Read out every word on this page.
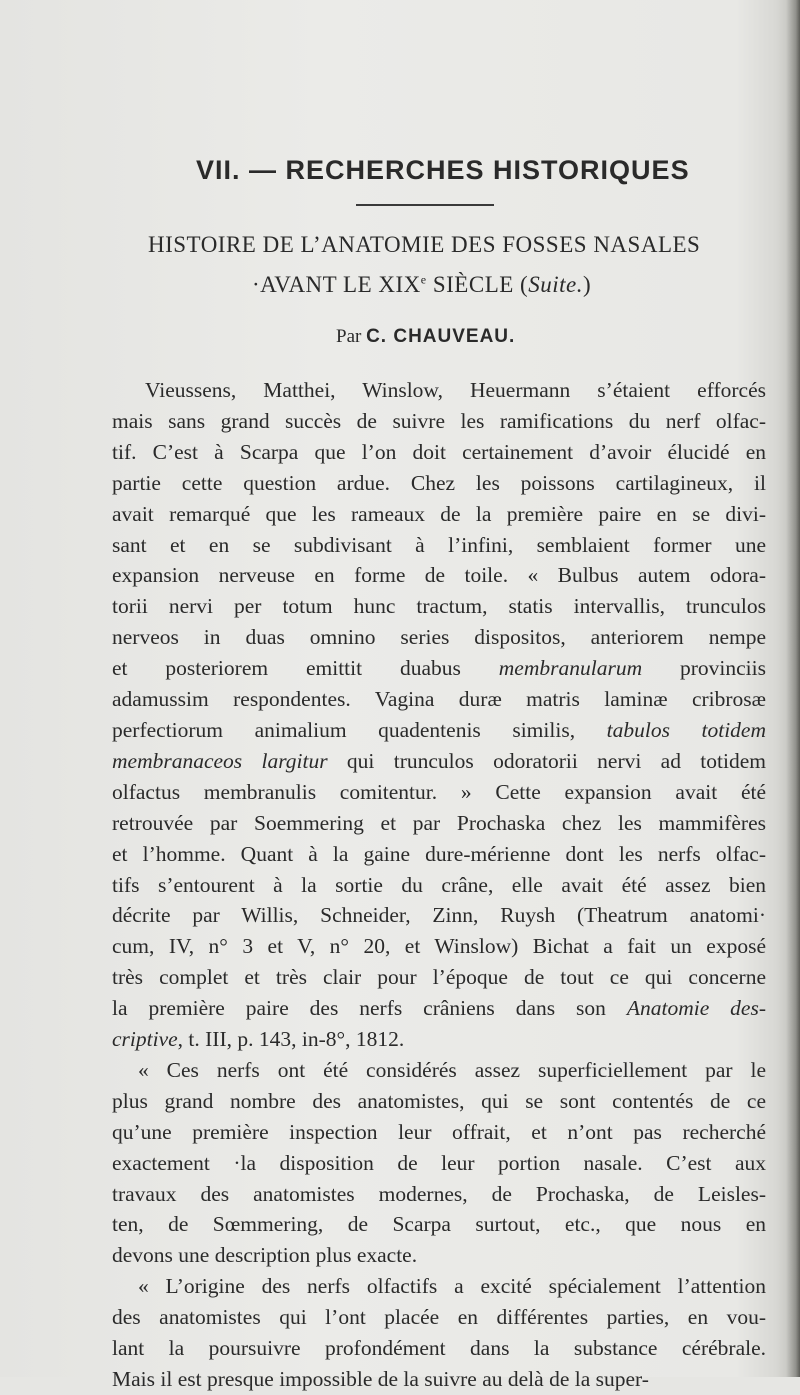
VII. — RECHERCHES HISTORIQUES
HISTOIRE DE L’ANATOMIE DES FOSSES NASALES
·AVANT LE XIXe SIÈCLE (Suite.)
Par C. CHAUVEAU.

Vieussens, Matthei, Winslow, Heuermann s’étaient efforcés

mais sans grand succès de suivre les ramifications du nerf olfac-

tif. C’est à Scarpa que l’on doit certainement d’avoir élucidé en

partie cette question ardue. Chez les poissons cartilagineux, il

avait remarqué que les rameaux de la première paire en se divi-

sant et en se subdivisant à l’infini, semblaient former une

expansion nerveuse en forme de toile. « Bulbus autem odora-

torii nervi per totum hunc tractum, statis intervallis, trunculos

nerveos in duas omnino series dispositos, anteriorem nempe

et posteriorem emittit duabus membranularum provinciis

adamussim respondentes. Vagina duræ matris laminæ cribrosæ

perfectiorum animalium quadentenis similis, tabulos totidem

membranaceos largitur qui trunculos odoratorii nervi ad totidem

olfactus membranulis comitentur. » Cette expansion avait été

retrouvée par Soemmering et par Prochaska chez les mammifères

et l’homme. Quant à la gaine dure-mérienne dont les nerfs olfac-

tifs s’entourent à la sortie du crâne, elle avait été assez bien

décrite par Willis, Schneider, Zinn, Ruysh (Theatrum anatomi·

cum, IV, n° 3 et V, n° 20, et Winslow) Bichat a fait un exposé

très complet et très clair pour l’époque de tout ce qui concerne

la première paire des nerfs crâniens dans son Anatomie des-

criptive, t. III, p. 143, in-8°, 1812.

« Ces nerfs ont été considérés assez superficiellement par le

plus grand nombre des anatomistes, qui se sont contentés de ce

qu’une première inspection leur offrait, et n’ont pas recherché

exactement ·la disposition de leur portion nasale. C’est aux

travaux des anatomistes modernes, de Prochaska, de Leisles-

ten, de Sœmmering, de Scarpa surtout, etc., que nous en

devons une description plus exacte.

« L’origine des nerfs olfactifs a excité spécialement l’attention

des anatomistes qui l’ont placée en différentes parties, en vou-

lant la poursuivre profondément dans la substance cérébrale.

Mais il est presque impossible de la suivre au delà de la super-
